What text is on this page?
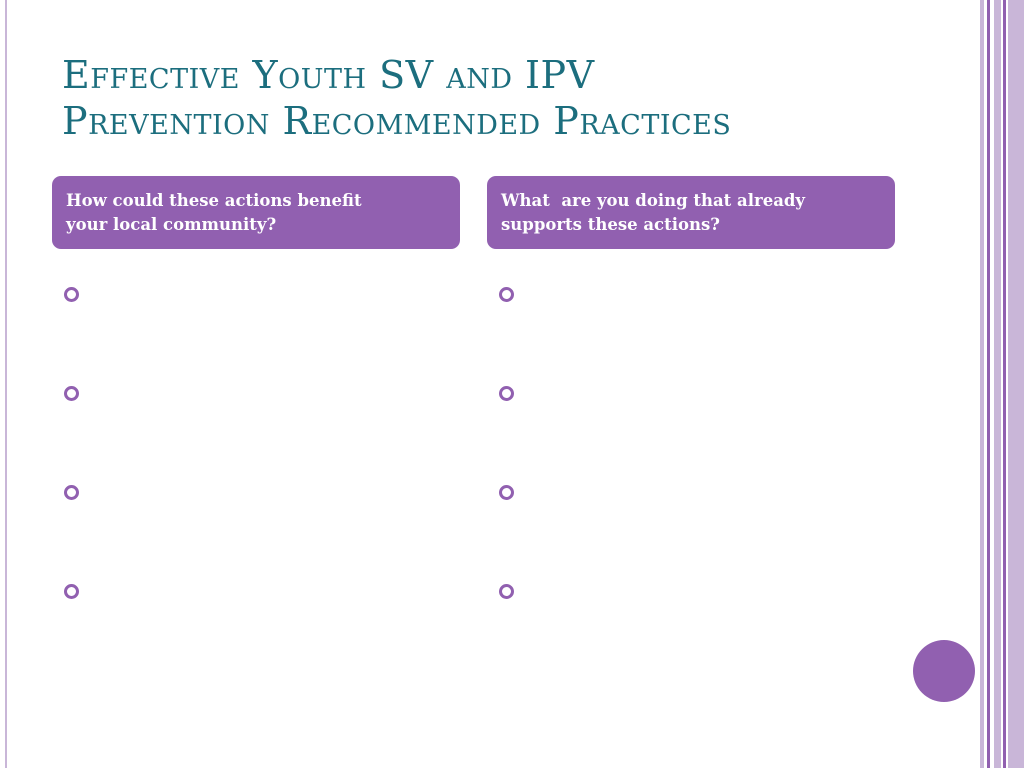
Effective Youth SV and IPV
Prevention Recommended Practices
How could these actions benefit your local community?
What  are you doing that already supports these actions?
